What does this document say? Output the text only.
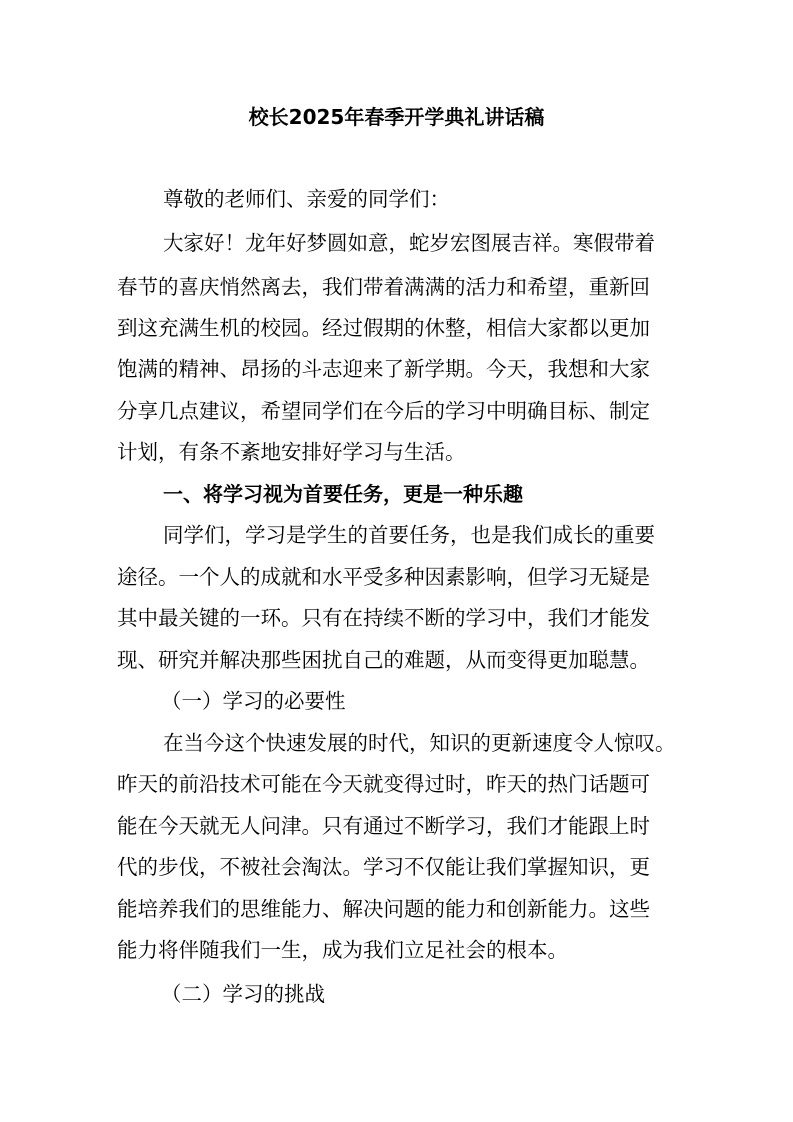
校长2025年春季开学典礼讲话稿
尊敬的老师们、亲爱的同学们：
大家好！龙年好梦圆如意，蛇岁宏图展吉祥。寒假带着
春节的喜庆悄然离去，我们带着满满的活力和希望，重新回
到这充满生机的校园。经过假期的休整，相信大家都以更加
饱满的精神、昂扬的斗志迎来了新学期。今天，我想和大家
分享几点建议，希望同学们在今后的学习中明确目标、制定
计划，有条不紊地安排好学习与生活。
一、将学习视为首要任务，更是一种乐趣
同学们，学习是学生的首要任务，也是我们成长的重要
途径。一个人的成就和水平受多种因素影响，但学习无疑是
其中最关键的一环。只有在持续不断的学习中，我们才能发
现、研究并解决那些困扰自己的难题，从而变得更加聪慧。
（一）学习的必要性
在当今这个快速发展的时代，知识的更新速度令人惊叹。
昨天的前沿技术可能在今天就变得过时，昨天的热门话题可
能在今天就无人问津。只有通过不断学习，我们才能跟上时
代的步伐，不被社会淘汰。学习不仅能让我们掌握知识，更
能培养我们的思维能力、解决问题的能力和创新能力。这些
能力将伴随我们一生，成为我们立足社会的根本。
（二）学习的挑战
